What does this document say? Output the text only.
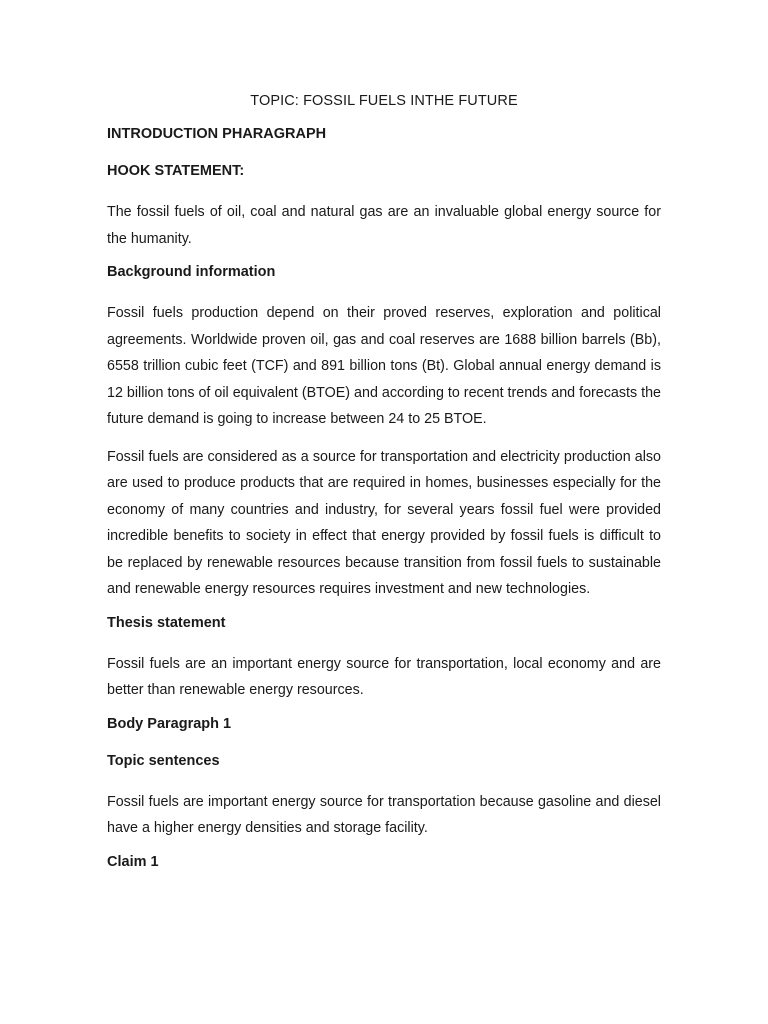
TOPIC: FOSSIL FUELS INTHE FUTURE

INTRODUCTION PHARAGRAPH

HOOK STATEMENT:

The fossil fuels of oil, coal and natural gas are an invaluable global energy source for the humanity.

Background information

Fossil fuels production depend on their proved reserves, exploration and political agreements. Worldwide proven oil, gas and coal reserves are 1688 billion barrels (Bb), 6558 trillion cubic feet (TCF) and 891 billion tons (Bt). Global annual energy demand is 12 billion tons of oil equivalent (BTOE) and according to recent trends and forecasts the future demand is going to increase between 24 to 25 BTOE.

Fossil fuels are considered as a source for transportation and electricity production also are used to produce products that are required in homes, businesses especially for the economy of many countries and industry, for several years fossil fuel were provided incredible benefits to society in effect that energy provided by fossil fuels is difficult to be replaced by renewable resources because transition from fossil fuels to sustainable and renewable energy resources requires investment and new technologies.

Thesis statement

Fossil fuels are an important energy source for transportation, local economy and are better than renewable energy resources.

Body Paragraph 1

Topic sentences

Fossil fuels are important energy source for transportation because gasoline and diesel have a higher energy densities and storage facility.

Claim 1
